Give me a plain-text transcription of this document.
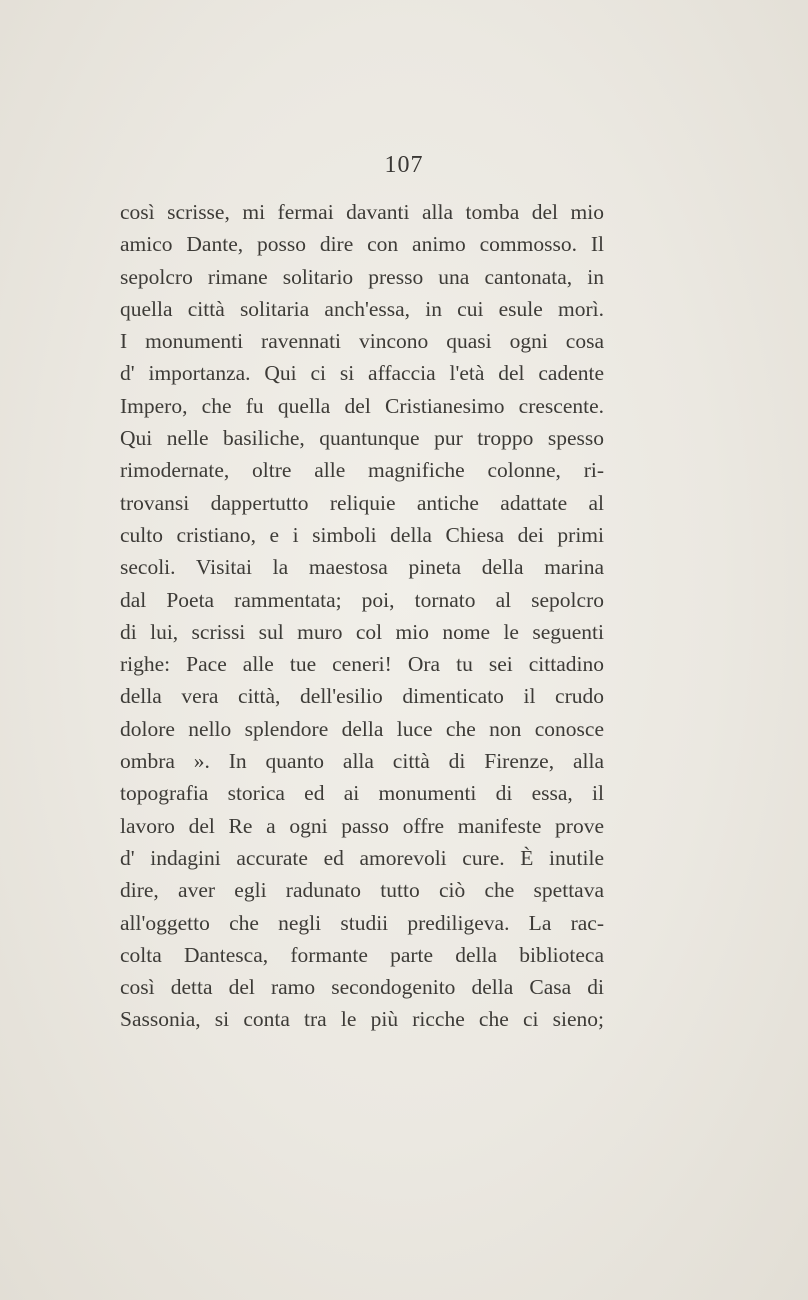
107
così scrisse, mi fermai davanti alla tomba del mio
amico Dante, posso dire con animo commosso. Il
sepolcro rimane solitario presso una cantonata, in
quella città solitaria anch'essa, in cui esule morì.
I monumenti ravennati vincono quasi ogni cosa
d' importanza. Qui ci si affaccia l'età del cadente
Impero, che fu quella del Cristianesimo crescente.
Qui nelle basiliche, quantunque pur troppo spesso
rimodernate, oltre alle magnifiche colonne, ri-
trovansi dappertutto reliquie antiche adattate al
culto cristiano, e i simboli della Chiesa dei primi
secoli. Visitai la maestosa pineta della marina
dal Poeta rammentata; poi, tornato al sepolcro
di lui, scrissi sul muro col mio nome le seguenti
righe: Pace alle tue ceneri! Ora tu sei cittadino
della vera città, dell'esilio dimenticato il crudo
dolore nello splendore della luce che non conosce
ombra ». In quanto alla città di Firenze, alla
topografia storica ed ai monumenti di essa, il
lavoro del Re a ogni passo offre manifeste prove
d' indagini accurate ed amorevoli cure. È inutile
dire, aver egli radunato tutto ciò che spettava
all'oggetto che negli studii prediligeva. La rac-
colta Dantesca, formante parte della biblioteca
così detta del ramo secondogenito della Casa di
Sassonia, si conta tra le più ricche che ci sieno;
